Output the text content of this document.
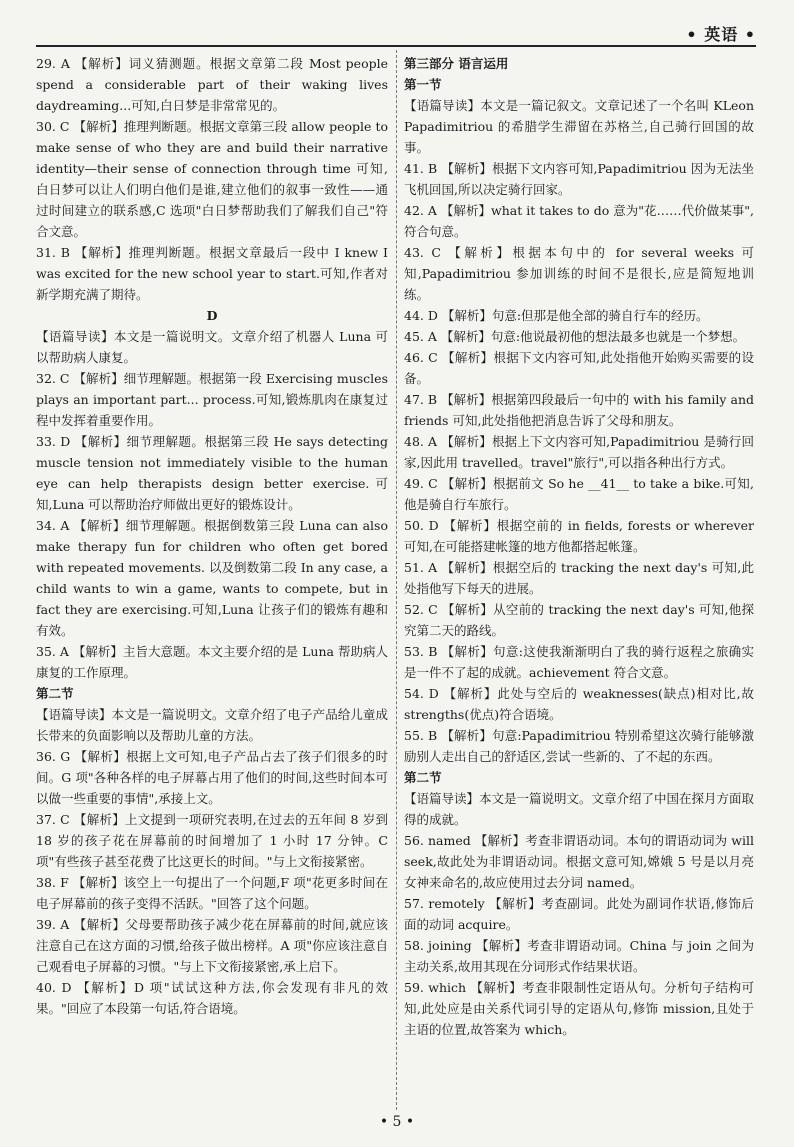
• 英语 •

29. A 【解析】词义猜测题。根据文章第二段 Most people spend a considerable part of their waking lives daydreaming...可知,白日梦是非常常见的。

30. C 【解析】推理判断题。根据文章第三段 allow people to make sense of who they are and build their narrative identity—their sense of connection through time 可知,白日梦可以让人们明白他们是谁,建立他们的叙事一致性——通过时间建立的联系感,C 选项"白日梦帮助我们了解我们自己"符合文意。

31. B 【解析】推理判断题。根据文章最后一段中 I knew I was excited for the new school year to start.可知,作者对新学期充满了期待。

D

【语篇导读】本文是一篇说明文。文章介绍了机器人 Luna 可以帮助病人康复。

32. C 【解析】细节理解题。根据第一段 Exercising muscles plays an important part... process.可知,锻炼肌肉在康复过程中发挥着重要作用。

33. D 【解析】细节理解题。根据第三段 He says detecting muscle tension not immediately visible to the human eye can help therapists design better exercise.可知,Luna 可以帮助治疗师做出更好的锻炼设计。

34. A 【解析】细节理解题。根据倒数第三段 Luna can also make therapy fun for children who often get bored with repeated movements. 以及倒数第二段 In any case, a child wants to win a game, wants to compete, but in fact they are exercising.可知,Luna 让孩子们的锻炼有趣和有效。

35. A 【解析】主旨大意题。本文主要介绍的是 Luna 帮助病人康复的工作原理。

第二节

【语篇导读】本文是一篇说明文。文章介绍了电子产品给儿童成长带来的负面影响以及帮助儿童的方法。

36. G 【解析】根据上文可知,电子产品占去了孩子们很多的时间。G 项"各种各样的电子屏幕占用了他们的时间,这些时间本可以做一些重要的事情",承接上文。

37. C 【解析】上文提到一项研究表明,在过去的五年间 8 岁到 18 岁的孩子花在屏幕前的时间增加了 1 小时 17 分钟。C 项"有些孩子甚至花费了比这更长的时间。"与上文衔接紧密。

38. F 【解析】该空上一句提出了一个问题,F 项"花更多时间在电子屏幕前的孩子变得不活跃。"回答了这个问题。

39. A 【解析】父母要帮助孩子减少花在屏幕前的时间,就应该注意自己在这方面的习惯,给孩子做出榜样。A 项"你应该注意自己观看电子屏幕的习惯。"与上下文衔接紧密,承上启下。

40. D 【解析】D 项"试试这种方法,你会发现有非凡的效果。"回应了本段第一句话,符合语境。

第三部分 语言运用

第一节

【语篇导读】本文是一篇记叙文。文章记述了一个名叫 KLeon Papadimitriou 的希腊学生滞留在苏格兰,自己骑行回国的故事。

41. B 【解析】根据下文内容可知,Papadimitriou 因为无法坐飞机回国,所以决定骑行回家。

42. A 【解析】what it takes to do 意为"花……代价做某事",符合句意。

43. C 【解析】根据本句中的 for several weeks 可知,Papadimitriou 参加训练的时间不是很长,应是简短地训练。

44. D 【解析】句意:但那是他全部的骑自行车的经历。

45. A 【解析】句意:他说最初他的想法最多也就是一个梦想。

46. C 【解析】根据下文内容可知,此处指他开始购买需要的设备。

47. B 【解析】根据第四段最后一句中的 with his family and friends 可知,此处指他把消息告诉了父母和朋友。

48. A 【解析】根据上下文内容可知,Papadimitriou 是骑行回家,因此用 travelled。travel"旅行",可以指各种出行方式。

49. C 【解析】根据前文 So he __41__ to take a bike.可知,他是骑自行车旅行。

50. D 【解析】根据空前的 in fields, forests or wherever 可知,在可能搭建帐篷的地方他都搭起帐篷。

51. A 【解析】根据空后的 tracking the next day's 可知,此处指他写下每天的进展。

52. C 【解析】从空前的 tracking the next day's 可知,他探究第二天的路线。

53. B 【解析】句意:这使我渐渐明白了我的骑行返程之旅确实是一件不了起的成就。achievement 符合文意。

54. D 【解析】此处与空后的 weaknesses(缺点)相对比,故 strengths(优点)符合语境。

55. B 【解析】句意:Papadimitriou 特别希望这次骑行能够激励别人走出自己的舒适区,尝试一些新的、了不起的东西。

第二节

【语篇导读】本文是一篇说明文。文章介绍了中国在探月方面取得的成就。

56. named 【解析】考查非谓语动词。本句的谓语动词为 will seek,故此处为非谓语动词。根据文意可知,嫦娥 5 号是以月亮女神来命名的,故应使用过去分词 named。

57. remotely 【解析】考查副词。此处为副词作状语,修饰后面的动词 acquire。

58. joining 【解析】考查非谓语动词。China 与 join 之间为主动关系,故用其现在分词形式作结果状语。

59. which 【解析】考查非限制性定语从句。分析句子结构可知,此处应是由关系代词引导的定语从句,修饰 mission,且处于主语的位置,故答案为 which。

• 5 •
